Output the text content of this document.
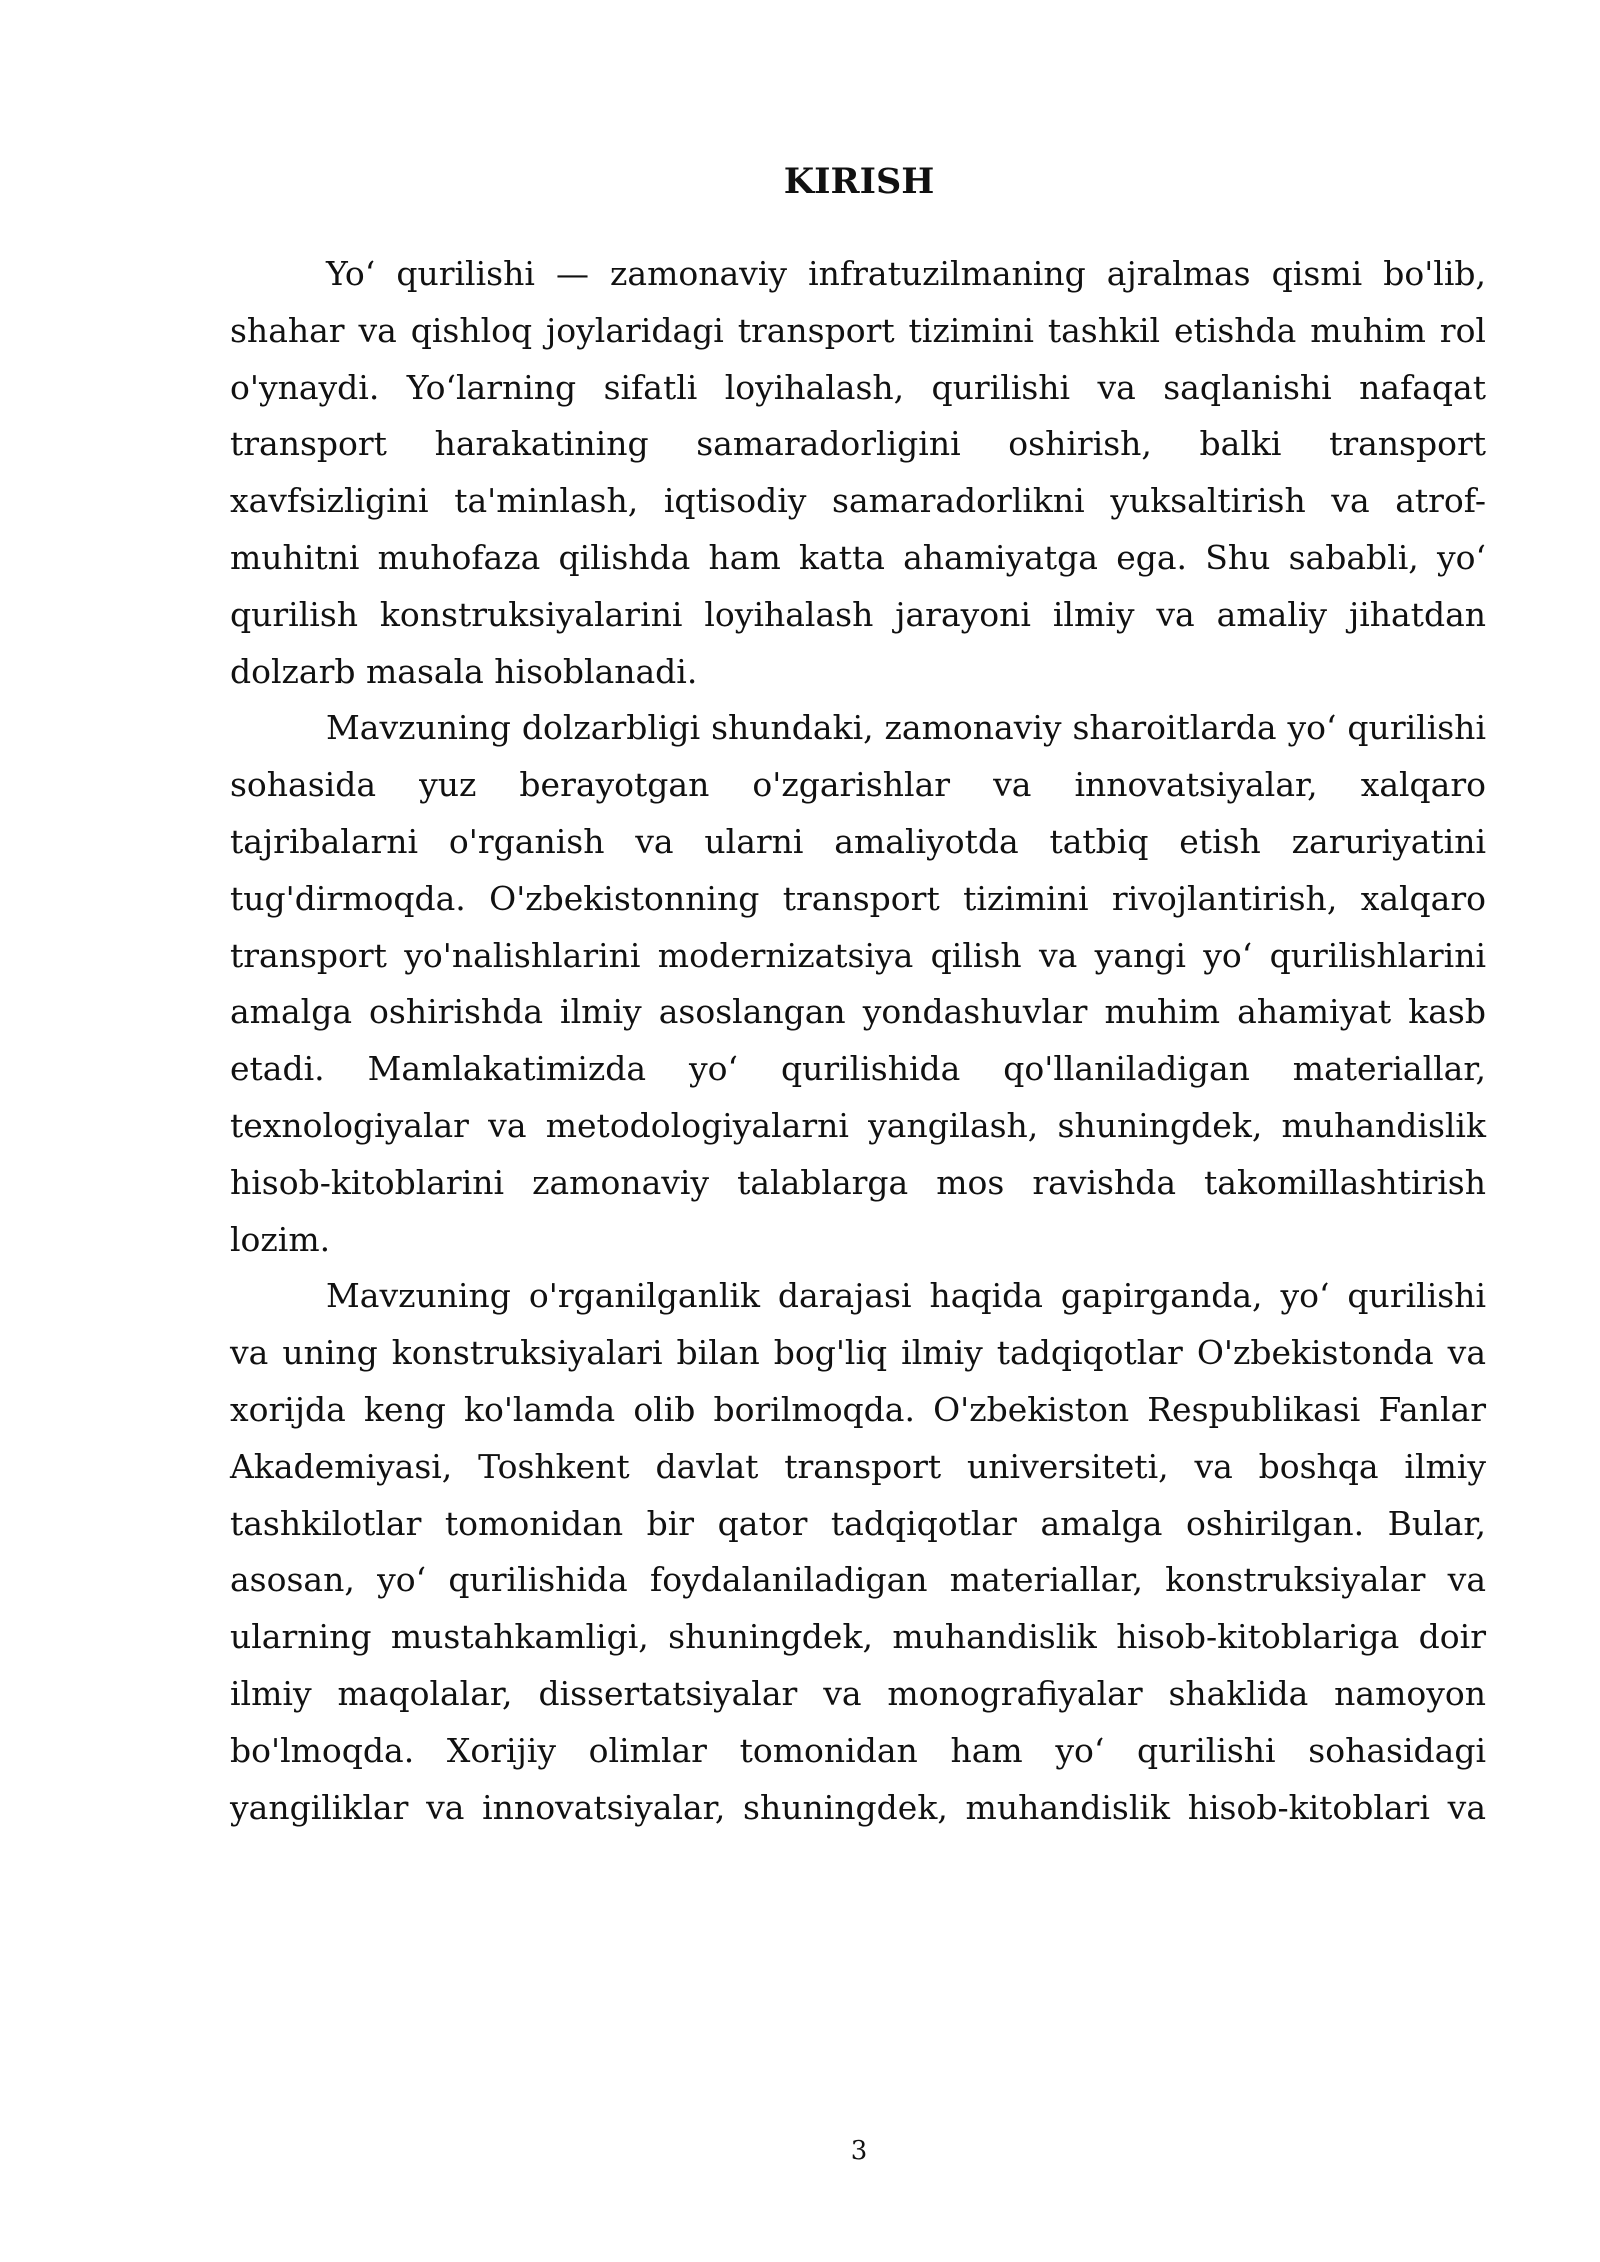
KIRISH

Yo‘ qurilishi — zamonaviy infratuzilmaning ajralmas qismi bo'lib, shahar va qishloq joylaridagi transport tizimini tashkil etishda muhim rol o'ynaydi. Yo‘larning sifatli loyihalash, qurilishi va saqlanishi nafaqat transport harakatining samaradorligini oshirish, balki transport xavfsizligini ta'minlash, iqtisodiy samaradorlikni yuksaltirish va atrof-muhitni muhofaza qilishda ham katta ahamiyatga ega. Shu sababli, yo‘ qurilish konstruksiyalarini loyihalash jarayoni ilmiy va amaliy jihatdan dolzarb masala hisoblanadi.

Mavzuning dolzarbligi shundaki, zamonaviy sharoitlarda yo‘ qurilishi sohasida yuz berayotgan o'zgarishlar va innovatsiyalar, xalqaro tajribalarni o'rganish va ularni amaliyotda tatbiq etish zaruriyatini tug'dirmoqda. O'zbekistonning transport tizimini rivojlantirish, xalqaro transport yo'nalishlarini modernizatsiya qilish va yangi yo‘ qurilishlarini amalga oshirishda ilmiy asoslangan yondashuvlar muhim ahamiyat kasb etadi. Mamlakatimizda yo‘ qurilishida qo'llaniladigan materiallar, texnologiyalar va metodologiyalarni yangilash, shuningdek, muhandislik hisob-kitoblarini zamonaviy talablarga mos ravishda takomillashtirish lozim.

Mavzuning o'rganilganlik darajasi haqida gapirganda, yo‘ qurilishi va uning konstruksiyalari bilan bog'liq ilmiy tadqiqotlar O'zbekistonda va xorijda keng ko'lamda olib borilmoqda. O'zbekiston Respublikasi Fanlar Akademiyasi, Toshkent davlat transport universiteti, va boshqa ilmiy tashkilotlar tomonidan bir qator tadqiqotlar amalga oshirilgan. Bular, asosan, yo‘ qurilishida foydalaniladigan materiallar, konstruksiyalar va ularning mustahkamligi, shuningdek, muhandislik hisob-kitoblariga doir ilmiy maqolalar, dissertatsiyalar va monografiyalar shaklida namoyon bo'lmoqda. Xorijiy olimlar tomonidan ham yo‘ qurilishi sohasidagi yangiliklar va innovatsiyalar, shuningdek, muhandislik hisob-kitoblari va

3
